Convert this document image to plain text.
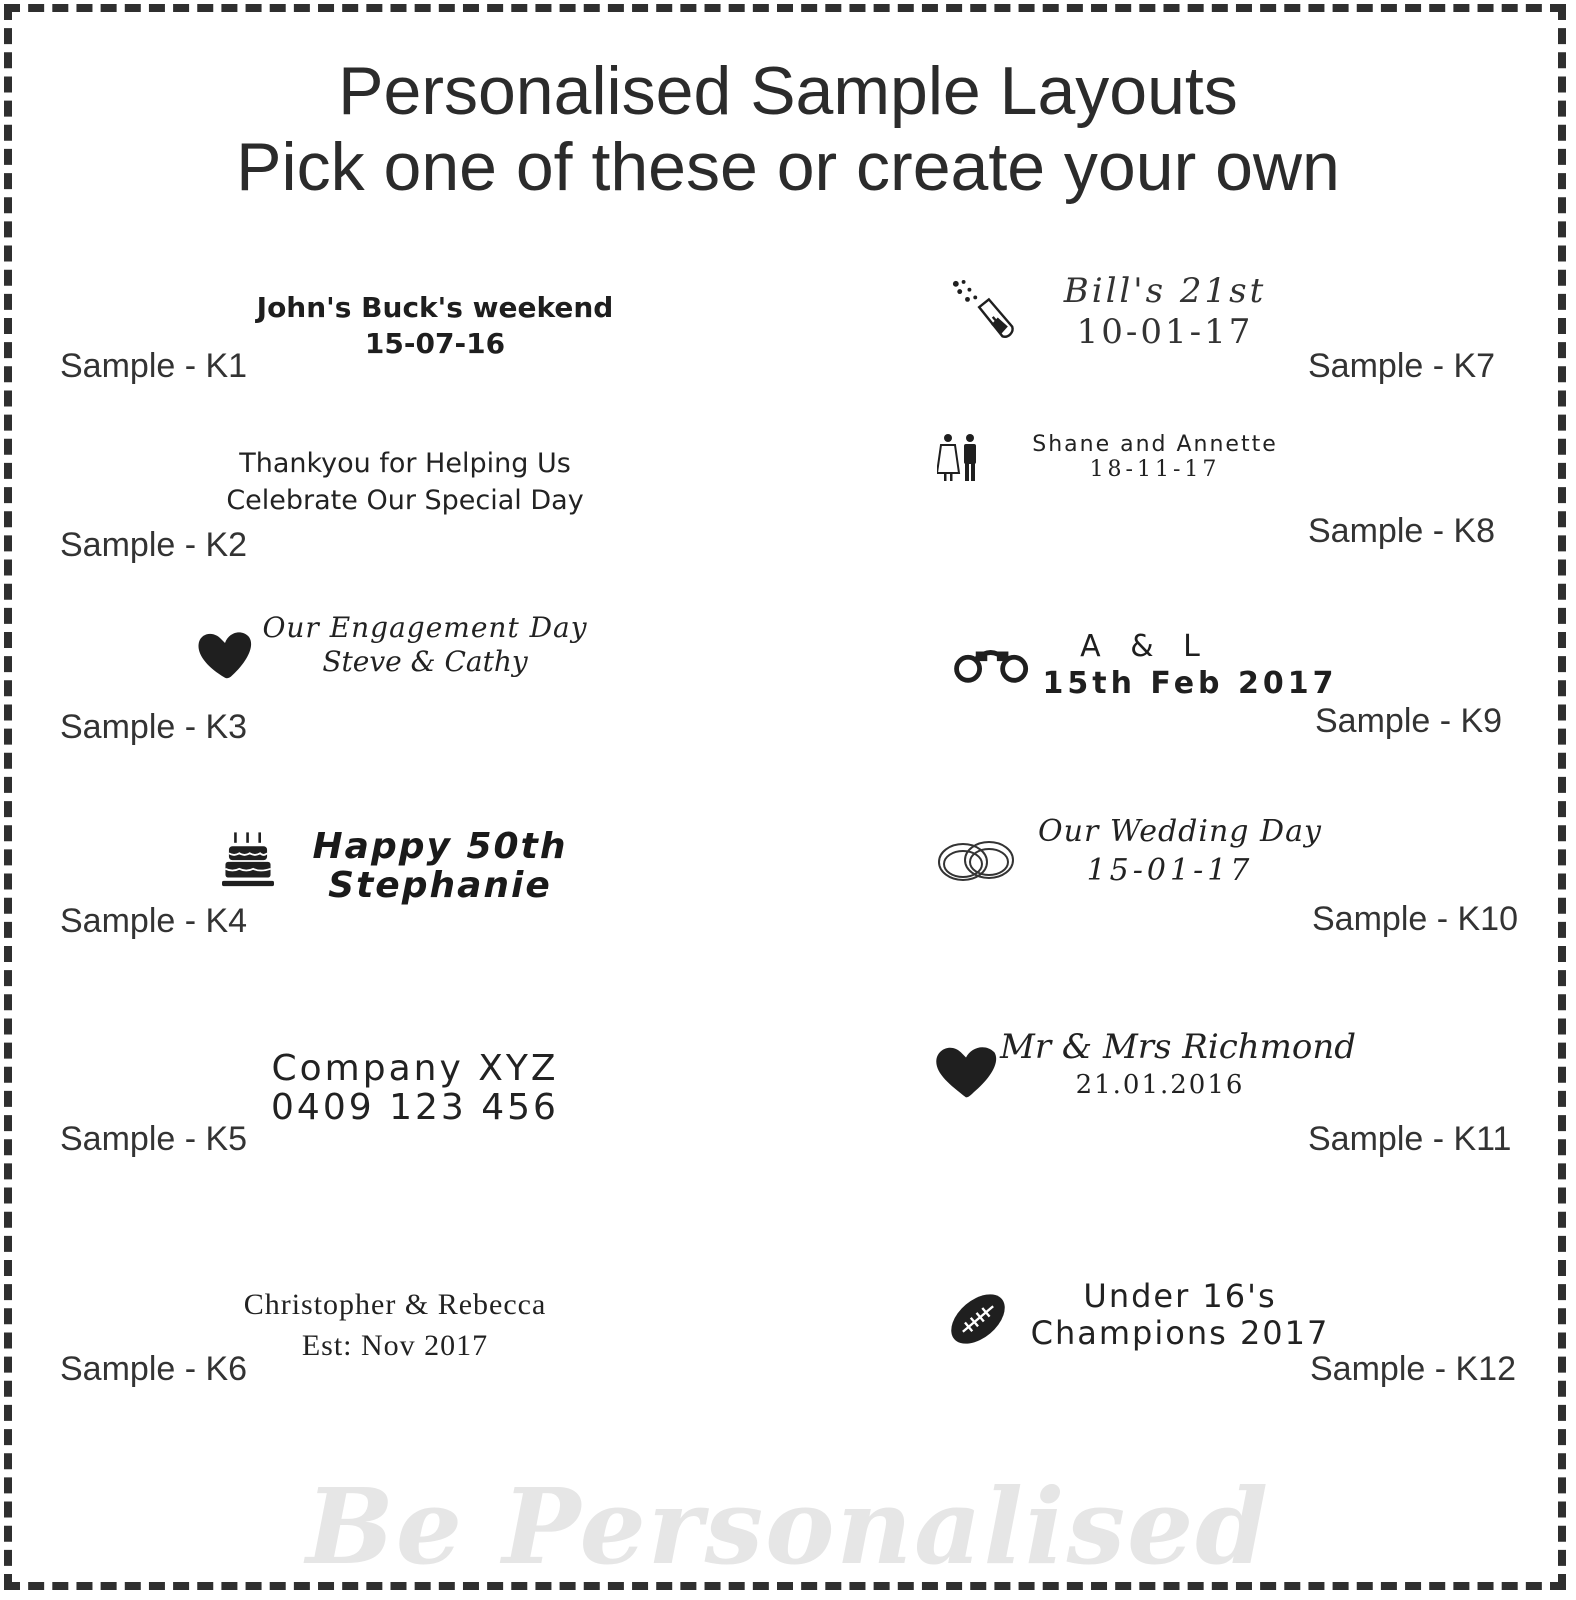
Personalised Sample Layouts
Pick one of these or create your own
John's Buck's weekend
15-07-16
Sample - K1
Thankyou for Helping Us
Celebrate Our Special Day
Sample - K2
Our Engagement Day
Steve & Cathy
Sample - K3
Happy 50th
Stephanie
Sample - K4
Company XYZ
0409 123 456
Sample - K5
Christopher & Rebecca
Est: Nov 2017
Sample - K6
Bill's 21st
10-01-17
Sample - K7
Shane and Annette
18-11-17
Sample - K8
A & L
15th Feb 2017
Sample - K9
Our Wedding Day
15-01-17
Sample - K10
Mr & Mrs Richmond
21.01.2016
Sample - K11
Under 16's
Champions 2017
Sample - K12
Be Personalised
